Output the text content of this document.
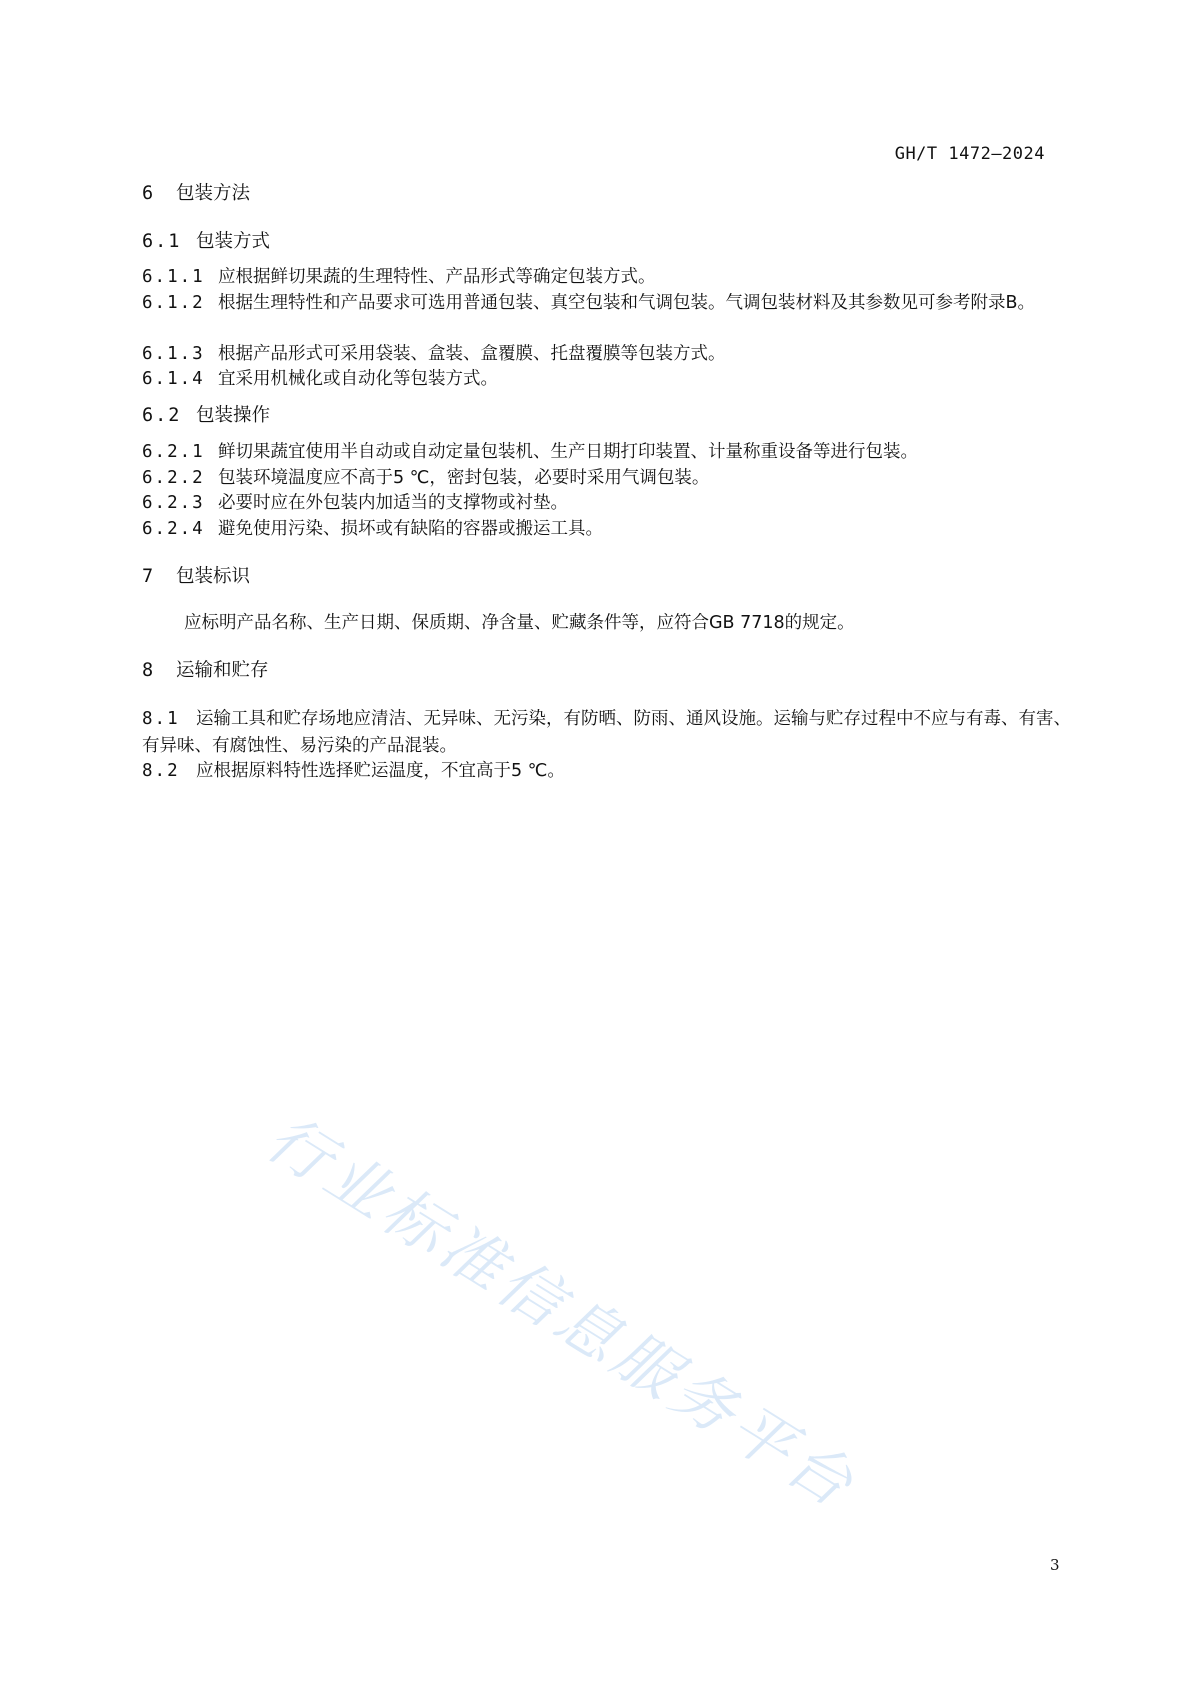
GH/T 1472—2024
6 包装方法
6.1 包装方式
6.1.1 应根据鲜切果蔬的生理特性、产品形式等确定包装方式。
6.1.2 根据生理特性和产品要求可选用普通包装、真空包装和气调包装。气调包装材料及其参数见可参考附录B。
6.1.3 根据产品形式可采用袋装、盒装、盒覆膜、托盘覆膜等包装方式。
6.1.4 宜采用机械化或自动化等包装方式。
6.2 包装操作
6.2.1 鲜切果蔬宜使用半自动或自动定量包装机、生产日期打印装置、计量称重设备等进行包装。
6.2.2 包装环境温度应不高于5 ℃，密封包装，必要时采用气调包装。
6.2.3 必要时应在外包装内加适当的支撑物或衬垫。
6.2.4 避免使用污染、损坏或有缺陷的容器或搬运工具。
7 包装标识
应标明产品名称、生产日期、保质期、净含量、贮藏条件等，应符合GB 7718的规定。
8 运输和贮存
8.1 运输工具和贮存场地应清洁、无异味、无污染，有防晒、防雨、通风设施。运输与贮存过程中不应与有毒、有害、有异味、有腐蚀性、易污染的产品混装。
8.2 应根据原料特性选择贮运温度，不宜高于5 ℃。
行业标准信息服务平台
3
